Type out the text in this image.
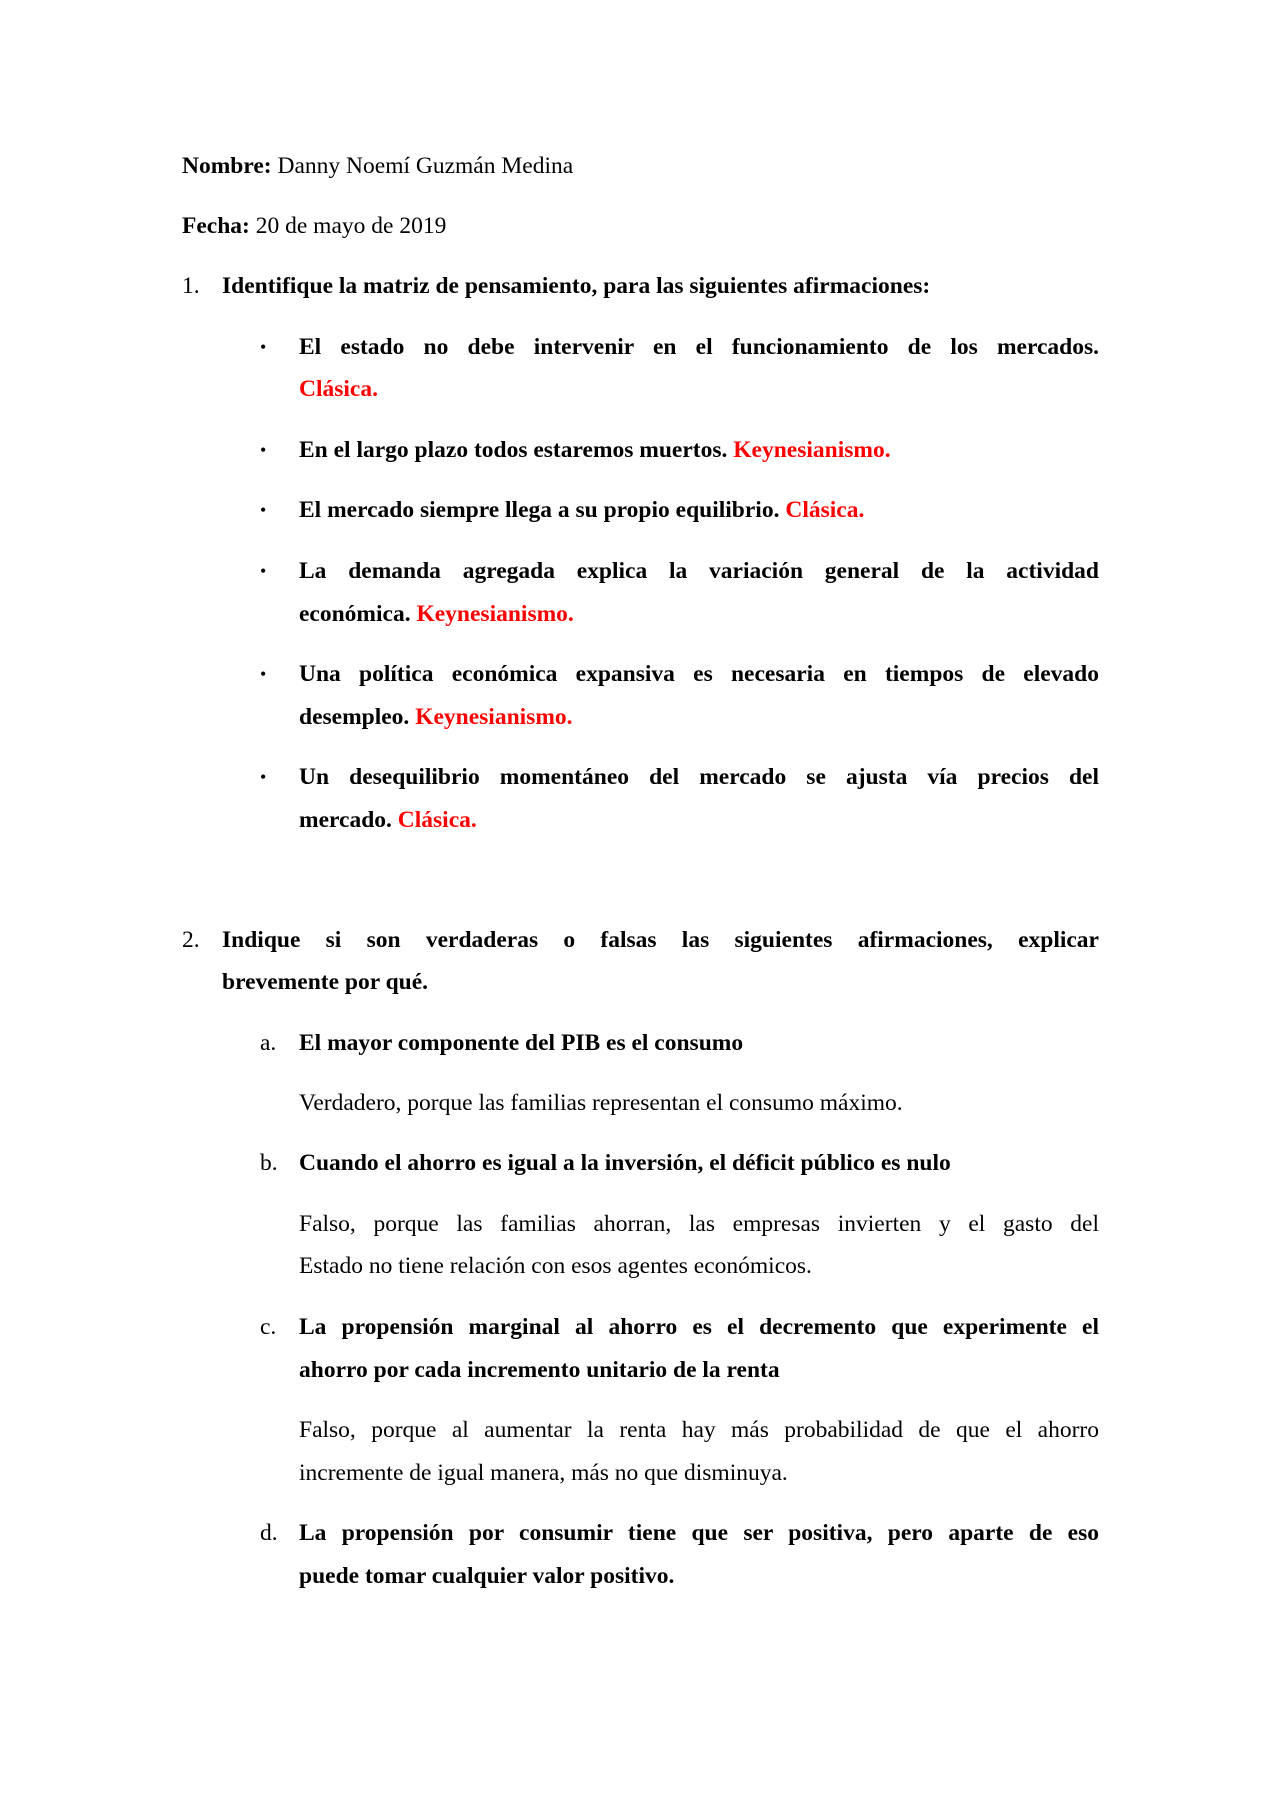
Nombre: Danny Noemí Guzmán Medina
Fecha: 20 de mayo de 2019
1. Identifique la matriz de pensamiento, para las siguientes afirmaciones:
• El estado no debe intervenir en el funcionamiento de los mercados.
Clásica.
• En el largo plazo todos estaremos muertos. Keynesianismo.
• El mercado siempre llega a su propio equilibrio. Clásica.
• La demanda agregada explica la variación general de la actividad
económica. Keynesianismo.
• Una política económica expansiva es necesaria en tiempos de elevado
desempleo. Keynesianismo.
• Un desequilibrio momentáneo del mercado se ajusta vía precios del
mercado. Clásica.
2. Indique si son verdaderas o falsas las siguientes afirmaciones, explicar
brevemente por qué.
a. El mayor componente del PIB es el consumo
Verdadero, porque las familias representan el consumo máximo.
b. Cuando el ahorro es igual a la inversión, el déficit público es nulo
Falso, porque las familias ahorran, las empresas invierten y el gasto del
Estado no tiene relación con esos agentes económicos.
c. La propensión marginal al ahorro es el decremento que experimente el
ahorro por cada incremento unitario de la renta
Falso, porque al aumentar la renta hay más probabilidad de que el ahorro
incremente de igual manera, más no que disminuya.
d. La propensión por consumir tiene que ser positiva, pero aparte de eso
puede tomar cualquier valor positivo.
